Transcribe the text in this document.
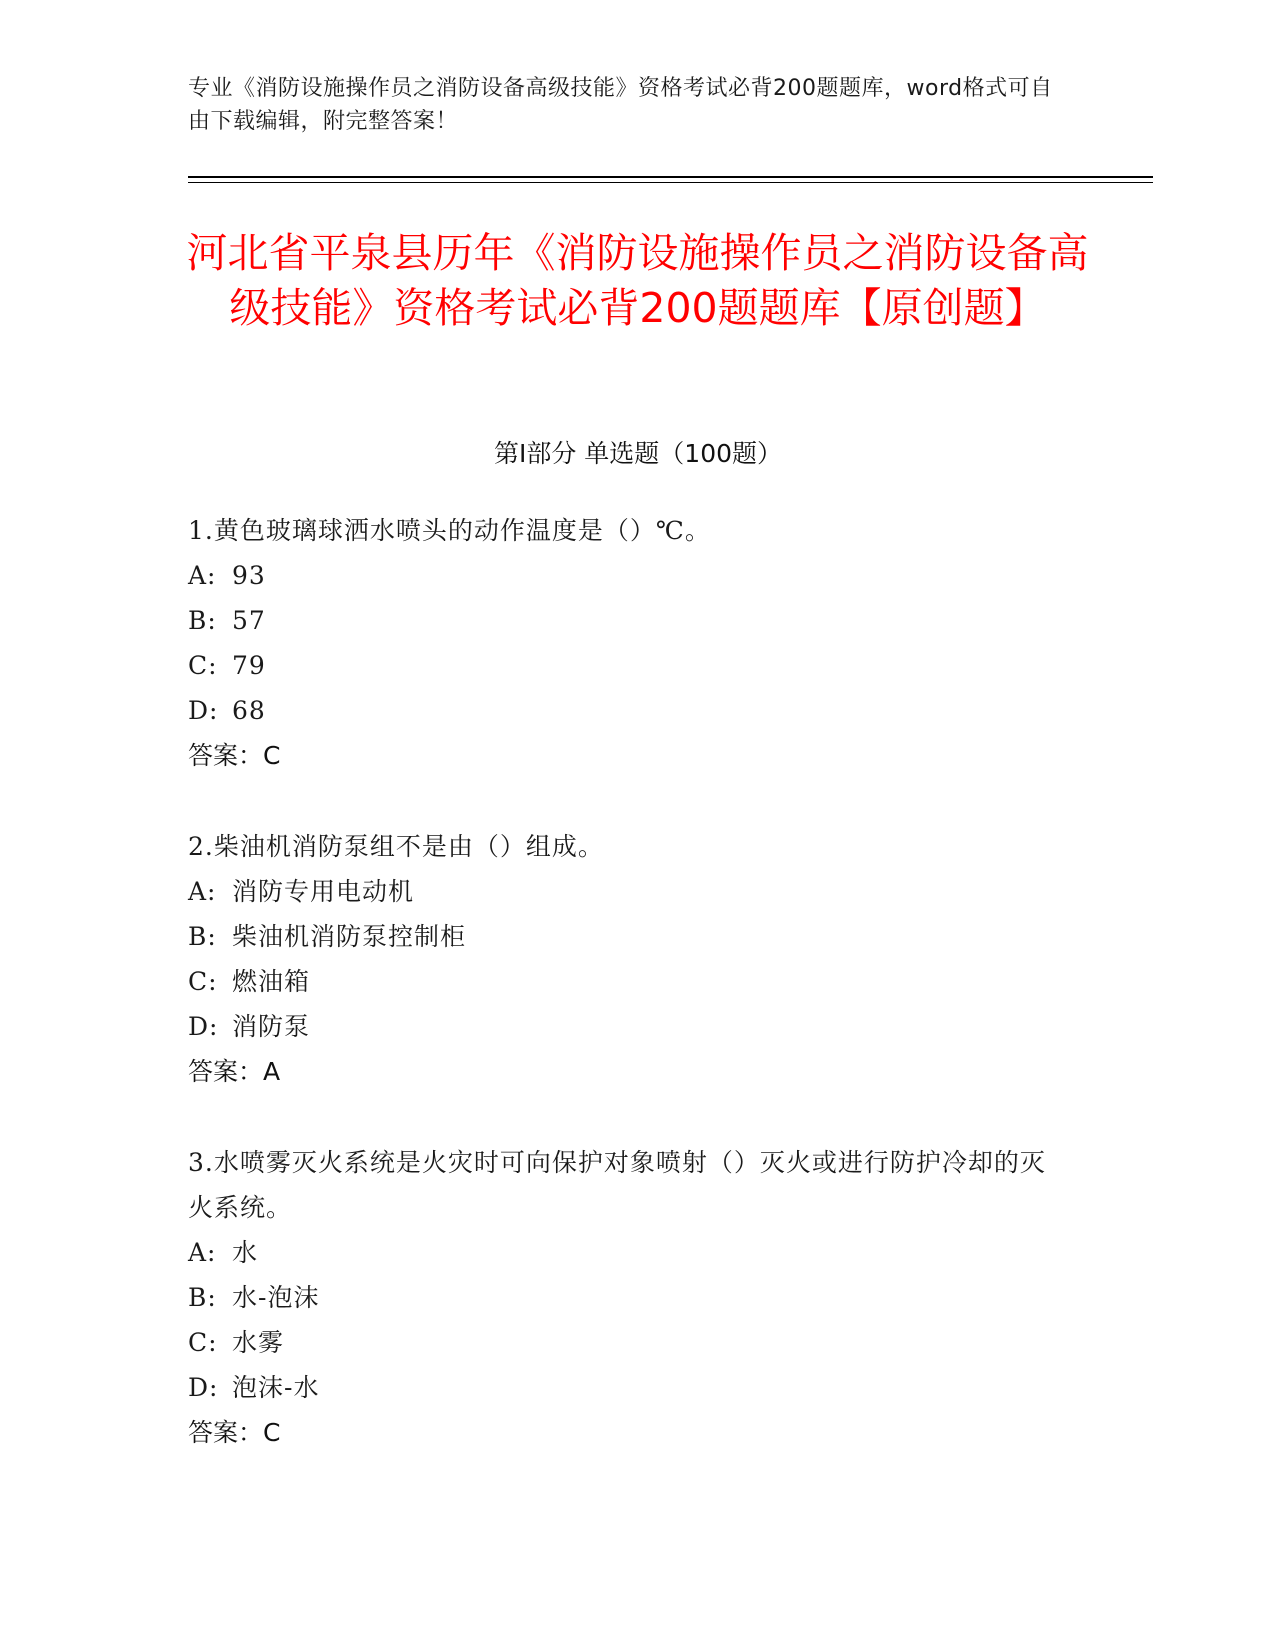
专业《消防设施操作员之消防设备高级技能》资格考试必背200题题库，word格式可自由下载编辑，附完整答案！
河北省平泉县历年《消防设施操作员之消防设备高级技能》资格考试必背200题题库【原创题】
第I部分 单选题（100题）

1.黄色玻璃球洒水喷头的动作温度是（）℃。

A: 93

B: 57

C: 79

D: 68

答案：C

2.柴油机消防泵组不是由（）组成。

A: 消防专用电动机

B: 柴油机消防泵控制柜

C: 燃油箱

D: 消防泵

答案：A

3.水喷雾灭火系统是火灾时可向保护对象喷射（）灭火或进行防护冷却的灭火系统。

A: 水

B: 水-泡沫

C: 水雾

D: 泡沫-水

答案：C
